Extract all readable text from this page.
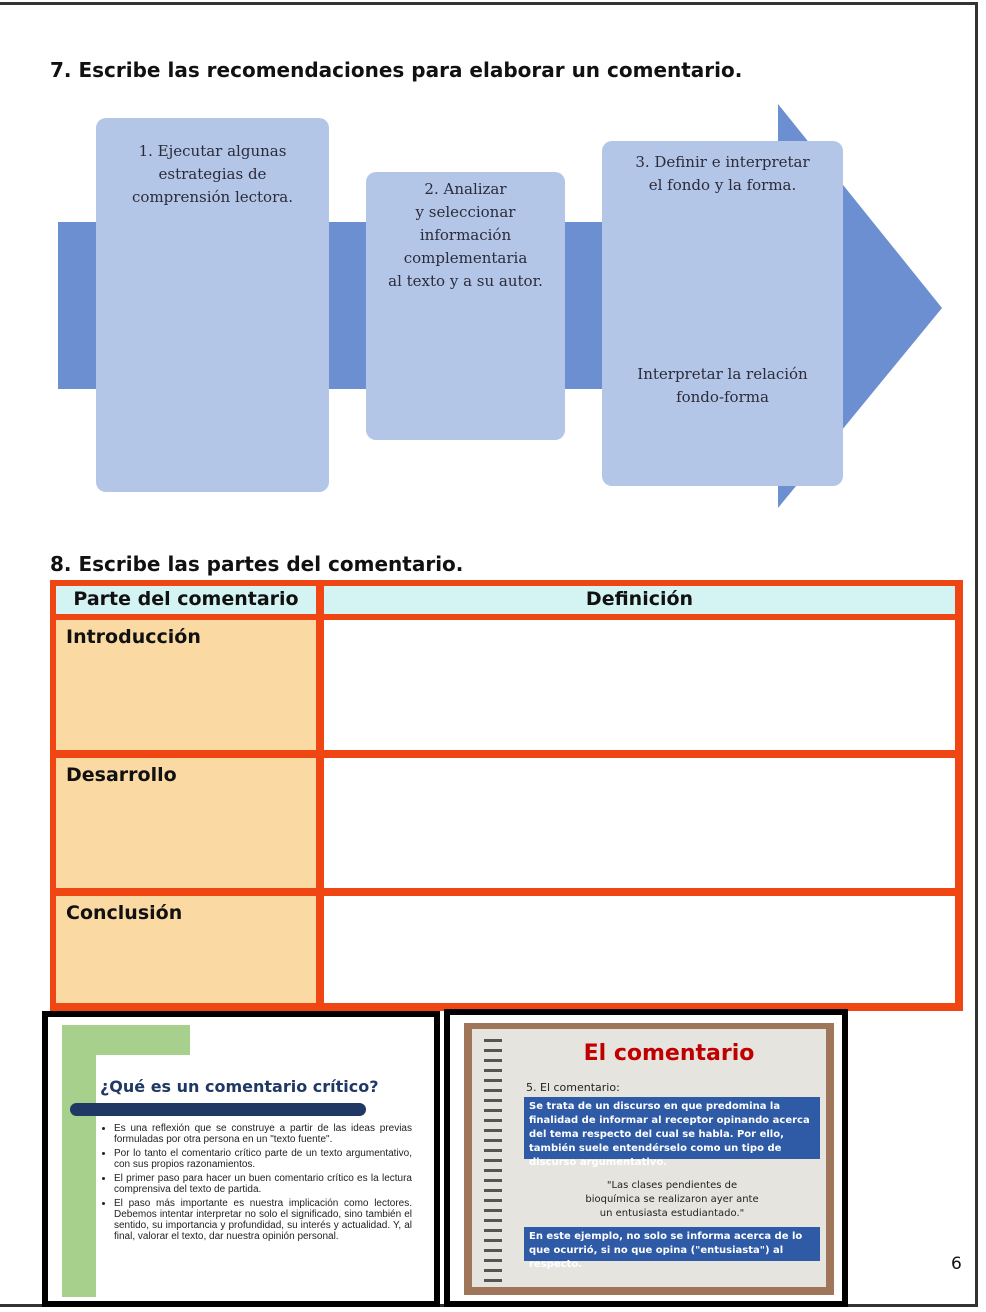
7. Escribe las recomendaciones para elaborar un comentario.
1. Ejecutar algunas
estrategias de
comprensión lectora.	2. Analizar
y seleccionar
información
complementaria
al texto y a su autor.
3. Definir e interpretar
el fondo y la forma.
Interpretar la relación
fondo-forma
8. Escribe las partes del comentario.
Parte del comentario	Definición
Introducción
Desarrollo
Conclusión
¿Qué es un comentario crítico?
• Es una reflexión que se construye a partir de las ideas previas formuladas por otra persona en un "texto fuente".
• Por lo tanto el comentario crítico parte de un texto argumentativo, con sus propios razonamientos.
• El primer paso para hacer un buen comentario crítico es la lectura comprensiva del texto de partida.
• El paso más importante es nuestra implicación como lectores. Debemos intentar interpretar no solo el significado, sino también el sentido, su importancia y profundidad, su interés y actualidad. Y, al final, valorar el texto, dar nuestra opinión personal.
El comentario
5. El comentario:
Se trata de un discurso en que predomina la finalidad de informar al receptor opinando acerca del tema respecto del cual se habla. Por ello, también suele entendérselo como un tipo de discurso argumentativo.
"Las clases pendientes de
bioquímica se realizaron ayer ante
un entusiasta estudiantado."
En este ejemplo, no solo se informa acerca de lo que ocurrió, si no que opina ("entusiasta") al respecto.	6
